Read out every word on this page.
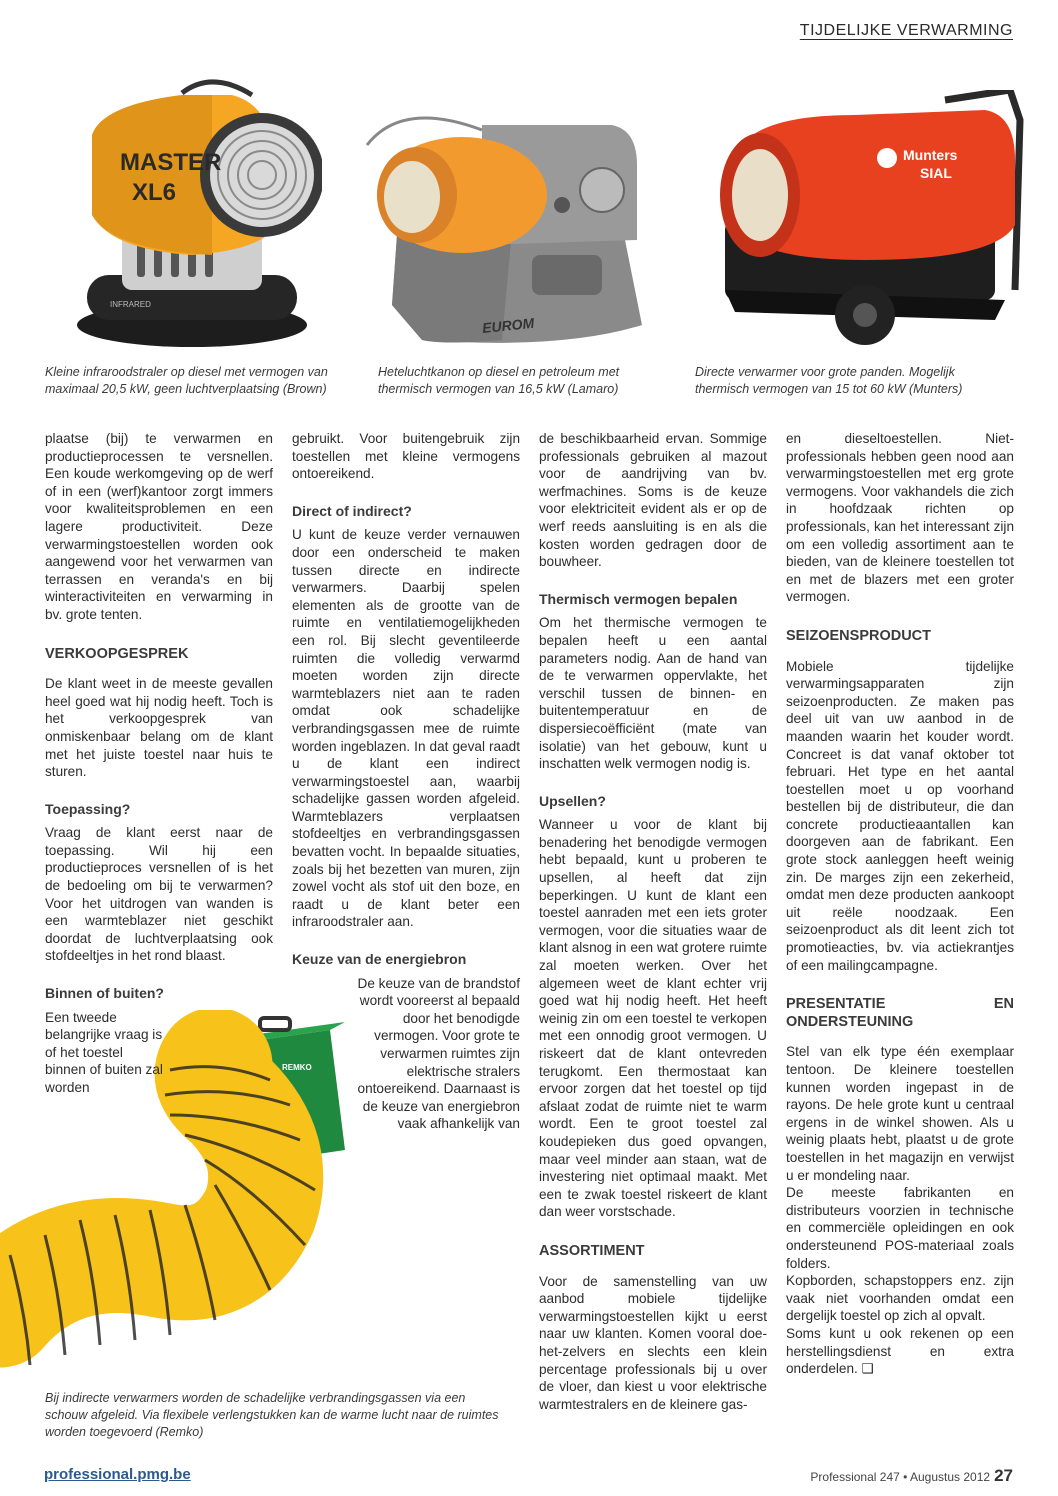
TIJDELIJKE VERWARMING
MASTER
XL6
INFRARED
EUROM
Munters
SIAL
Kleine infraroodstraler op diesel met vermogen van maximaal 20,5 kW, geen luchtverplaatsing (Brown)
Heteluchtkanon op diesel en petroleum met thermisch vermogen van 16,5 kW (Lamaro)
Directe verwarmer voor grote panden. Mogelijk thermisch vermogen van 15 tot 60 kW (Munters)
REMKO

plaatse (bij) te verwarmen en productieprocessen te versnellen. Een koude werkomgeving op de werf of in een (werf)kantoor zorgt immers voor kwaliteitsproblemen en een lagere productiviteit. Deze verwarmingstoestellen worden ook aangewend voor het verwarmen van terrassen en veranda's en bij winteractiviteiten en verwarming in bv. grote tenten.

VERKOOPGESPREK

De klant weet in de meeste gevallen heel goed wat hij nodig heeft. Toch is het verkoopgesprek van onmiskenbaar belang om de klant met het juiste toestel naar huis te sturen.

Toepassing?

Vraag de klant eerst naar de toepassing. Wil hij een productieproces versnellen of is het de bedoeling om bij te verwarmen? Voor het uitdrogen van wanden is een warmteblazer niet geschikt doordat de luchtverplaatsing ook stofdeeltjes in het rond blaast.

Binnen of buiten?

Een tweede belangrijke vraag is of het toestel binnen of buiten zal worden

gebruikt. Voor buitengebruik zijn toestellen met kleine vermogens ontoereikend.

Direct of indirect?

U kunt de keuze verder vernauwen door een onderscheid te maken tussen directe en indirecte verwarmers. Daarbij spelen elementen als de grootte van de ruimte en ventilatiemogelijkheden een rol. Bij slecht geventileerde ruimten die volledig verwarmd moeten worden zijn directe warmteblazers niet aan te raden omdat ook schadelijke verbrandingsgassen mee de ruimte worden ingeblazen. In dat geval raadt u de klant een indirect verwarmingstoestel aan, waarbij schadelijke gassen worden afgeleid. Warmteblazers verplaatsen stofdeeltjes en verbrandingsgassen bevatten vocht. In bepaalde situaties, zoals bij het bezetten van muren, zijn zowel vocht als stof uit den boze, en raadt u de klant beter een infraroodstraler aan.

Keuze van de energiebron

De keuze van de brandstof wordt vooreerst al bepaald door het benodigde vermogen. Voor grote te verwarmen ruimtes zijn elektrische stralers ontoereikend. Daarnaast is de keuze van energiebron vaak afhankelijk van

de beschikbaarheid ervan. Sommige professionals gebruiken al mazout voor de aandrijving van bv. werfmachines. Soms is de keuze voor elektriciteit evident als er op de werf reeds aansluiting is en als die kosten worden gedragen door de bouwheer.

Thermisch vermogen bepalen

Om het thermische vermogen te bepalen heeft u een aantal parameters nodig. Aan de hand van de te verwarmen oppervlakte, het verschil tussen de binnen- en buitentemperatuur en de dispersiecoëfficiënt (mate van isolatie) van het gebouw, kunt u inschatten welk vermogen nodig is.

Upsellen?

Wanneer u voor de klant bij benadering het benodigde vermogen hebt bepaald, kunt u proberen te upsellen, al heeft dat zijn beperkingen. U kunt de klant een toestel aanraden met een iets groter vermogen, voor die situaties waar de klant alsnog in een wat grotere ruimte zal moeten werken. Over het algemeen weet de klant echter vrij goed wat hij nodig heeft. Het heeft weinig zin om een toestel te verkopen met een onnodig groot vermogen. U riskeert dat de klant ontevreden terugkomt. Een thermostaat kan ervoor zorgen dat het toestel op tijd afslaat zodat de ruimte niet te warm wordt. Een te groot toestel zal koudepieken dus goed opvangen, maar veel minder aan staan, wat de investering niet optimaal maakt. Met een te zwak toestel riskeert de klant dan weer vorstschade.

ASSORTIMENT

Voor de samenstelling van uw aanbod mobiele tijdelijke verwarmingstoestellen kijkt u eerst naar uw klanten. Komen vooral doe-het-zelvers en slechts een klein percentage professionals bij u over de vloer, dan kiest u voor elektrische warmtestralers en de kleinere gas-

en dieseltoestellen. Niet-professionals hebben geen nood aan verwarmingstoestellen met erg grote vermogens. Voor vakhandels die zich in hoofdzaak richten op professionals, kan het interessant zijn om een volledig assortiment aan te bieden, van de kleinere toestellen tot en met de blazers met een groter vermogen.

SEIZOENSPRODUCT

Mobiele tijdelijke verwarmingsapparaten zijn seizoenproducten. Ze maken pas deel uit van uw aanbod in de maanden waarin het kouder wordt. Concreet is dat vanaf oktober tot februari. Het type en het aantal toestellen moet u op voorhand bestellen bij de distributeur, die dan concrete productieaantallen kan doorgeven aan de fabrikant. Een grote stock aanleggen heeft weinig zin. De marges zijn een zekerheid, omdat men deze producten aankoopt uit reële noodzaak. Een seizoenproduct als dit leent zich tot promotieacties, bv. via actiekrantjes of een mailingcampagne.

PRESENTATIE EN ONDERSTEUNING

Stel van elk type één exemplaar tentoon. De kleinere toestellen kunnen worden ingepast in de rayons. De hele grote kunt u centraal ergens in de winkel showen. Als u weinig plaats hebt, plaatst u de grote toestellen in het magazijn en verwijst u er mondeling naar.

De meeste fabrikanten en distributeurs voorzien in technische en commerciële opleidingen en ook ondersteunend POS-materiaal zoals folders.

Kopborden, schapstoppers enz. zijn vaak niet voorhanden omdat een dergelijk toestel op zich al opvalt.

Soms kunt u ook rekenen op een herstellingsdienst en extra onderdelen. ❑

Bij indirecte verwarmers worden de schadelijke verbrandingsgassen via een schouw afgeleid. Via flexibele verlengstukken kan de warme lucht naar de ruimtes worden toegevoerd (Remko)
professional.pmg.be	Professional 247 • Augustus 2012 27
